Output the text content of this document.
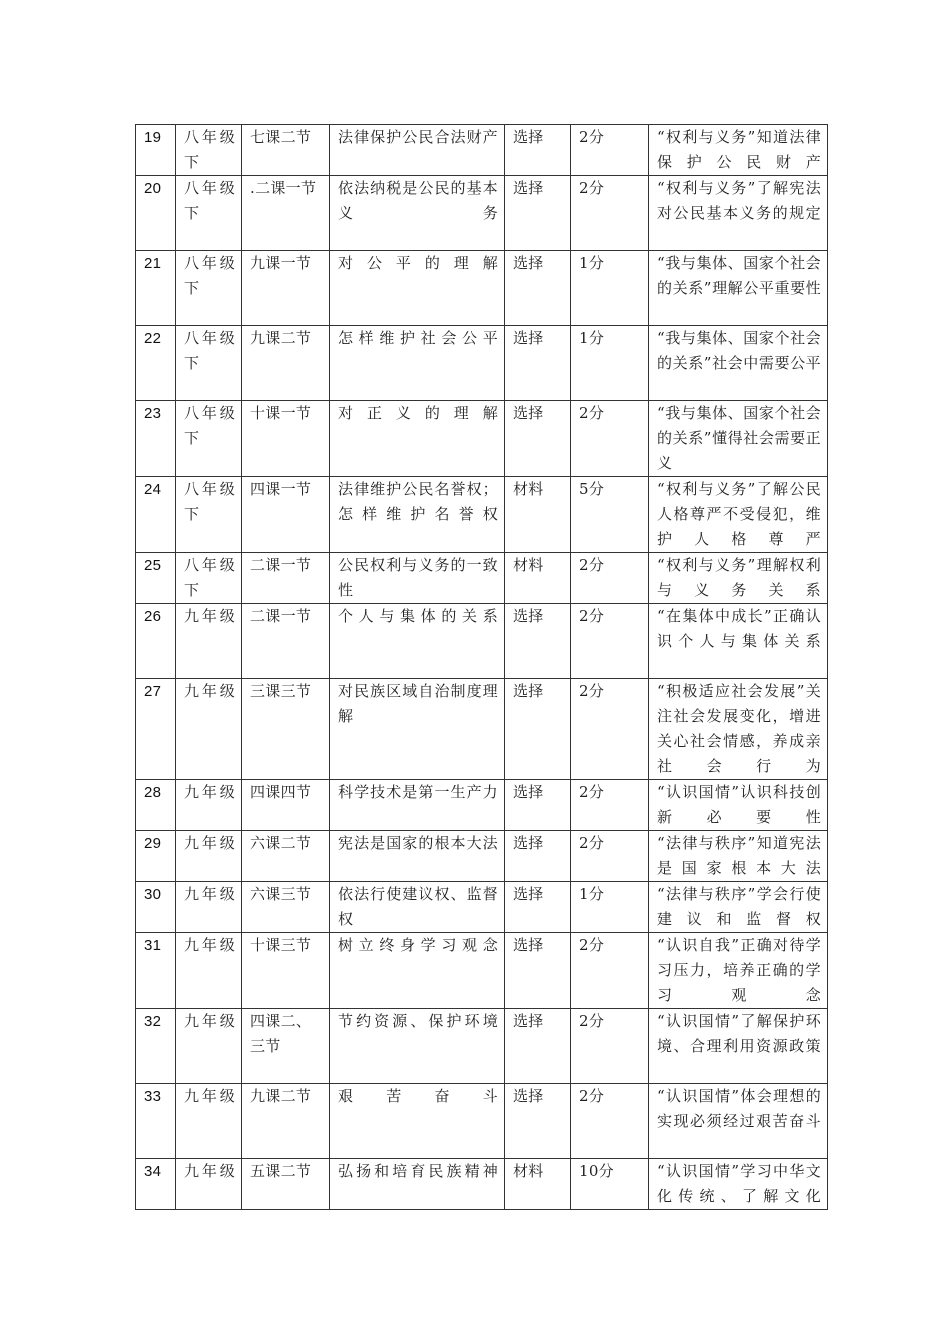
19	八年级下	七课二节	法律保护公民合法财产	选择	2分	“权利与义务”知道法律保护公民财产
20	八年级下	.二课一节	依法纳税是公民的基本义务	选择	2分	“权利与义务”了解宪法对公民基本义务的规定
21	八年级下	九课一节	对公平的理解	选择	1分	“我与集体、国家个社会的关系”理解公平重要性
22	八年级下	九课二节	怎样维护社会公平	选择	1分	“我与集体、国家个社会的关系”社会中需要公平
23	八年级下	十课一节	对正义的理解	选择	2分	“我与集体、国家个社会的关系”懂得社会需要正义
24	八年级下	四课一节	法律维护公民名誉权；怎样维护名誉权	材料	5分	“权利与义务”了解公民人格尊严不受侵犯，维护人格尊严
25	八年级下	二课一节	公民权利与义务的一致性	材料	2分	“权利与义务”理解权利与义务关系
26	九年级	二课一节	个人与集体的关系	选择	2分	“在集体中成长”正确认识个人与集体关系
27	九年级	三课三节	对民族区域自治制度理解	选择	2分	“积极适应社会发展”关注社会发展变化，增进关心社会情感，养成亲社会行为
28	九年级	四课四节	科学技术是第一生产力	选择	2分	“认识国情”认识科技创新必要性
29	九年级	六课二节	宪法是国家的根本大法	选择	2分	“法律与秩序”知道宪法是国家根本大法
30	九年级	六课三节	依法行使建议权、监督权	选择	1分	“法律与秩序”学会行使建议和监督权
31	九年级	十课三节	树立终身学习观念	选择	2分	“认识自我”正确对待学习压力，培养正确的学习观念
32	九年级	四课二、三节	节约资源、保护环境	选择	2分	“认识国情”了解保护环境、合理利用资源政策
33	九年级	九课二节	艰苦奋斗	选择	2分	“认识国情”体会理想的实现必须经过艰苦奋斗
34	九年级	五课二节	弘扬和培育民族精神	材料	10分	“认识国情”学习中华文化传统、了解文化
